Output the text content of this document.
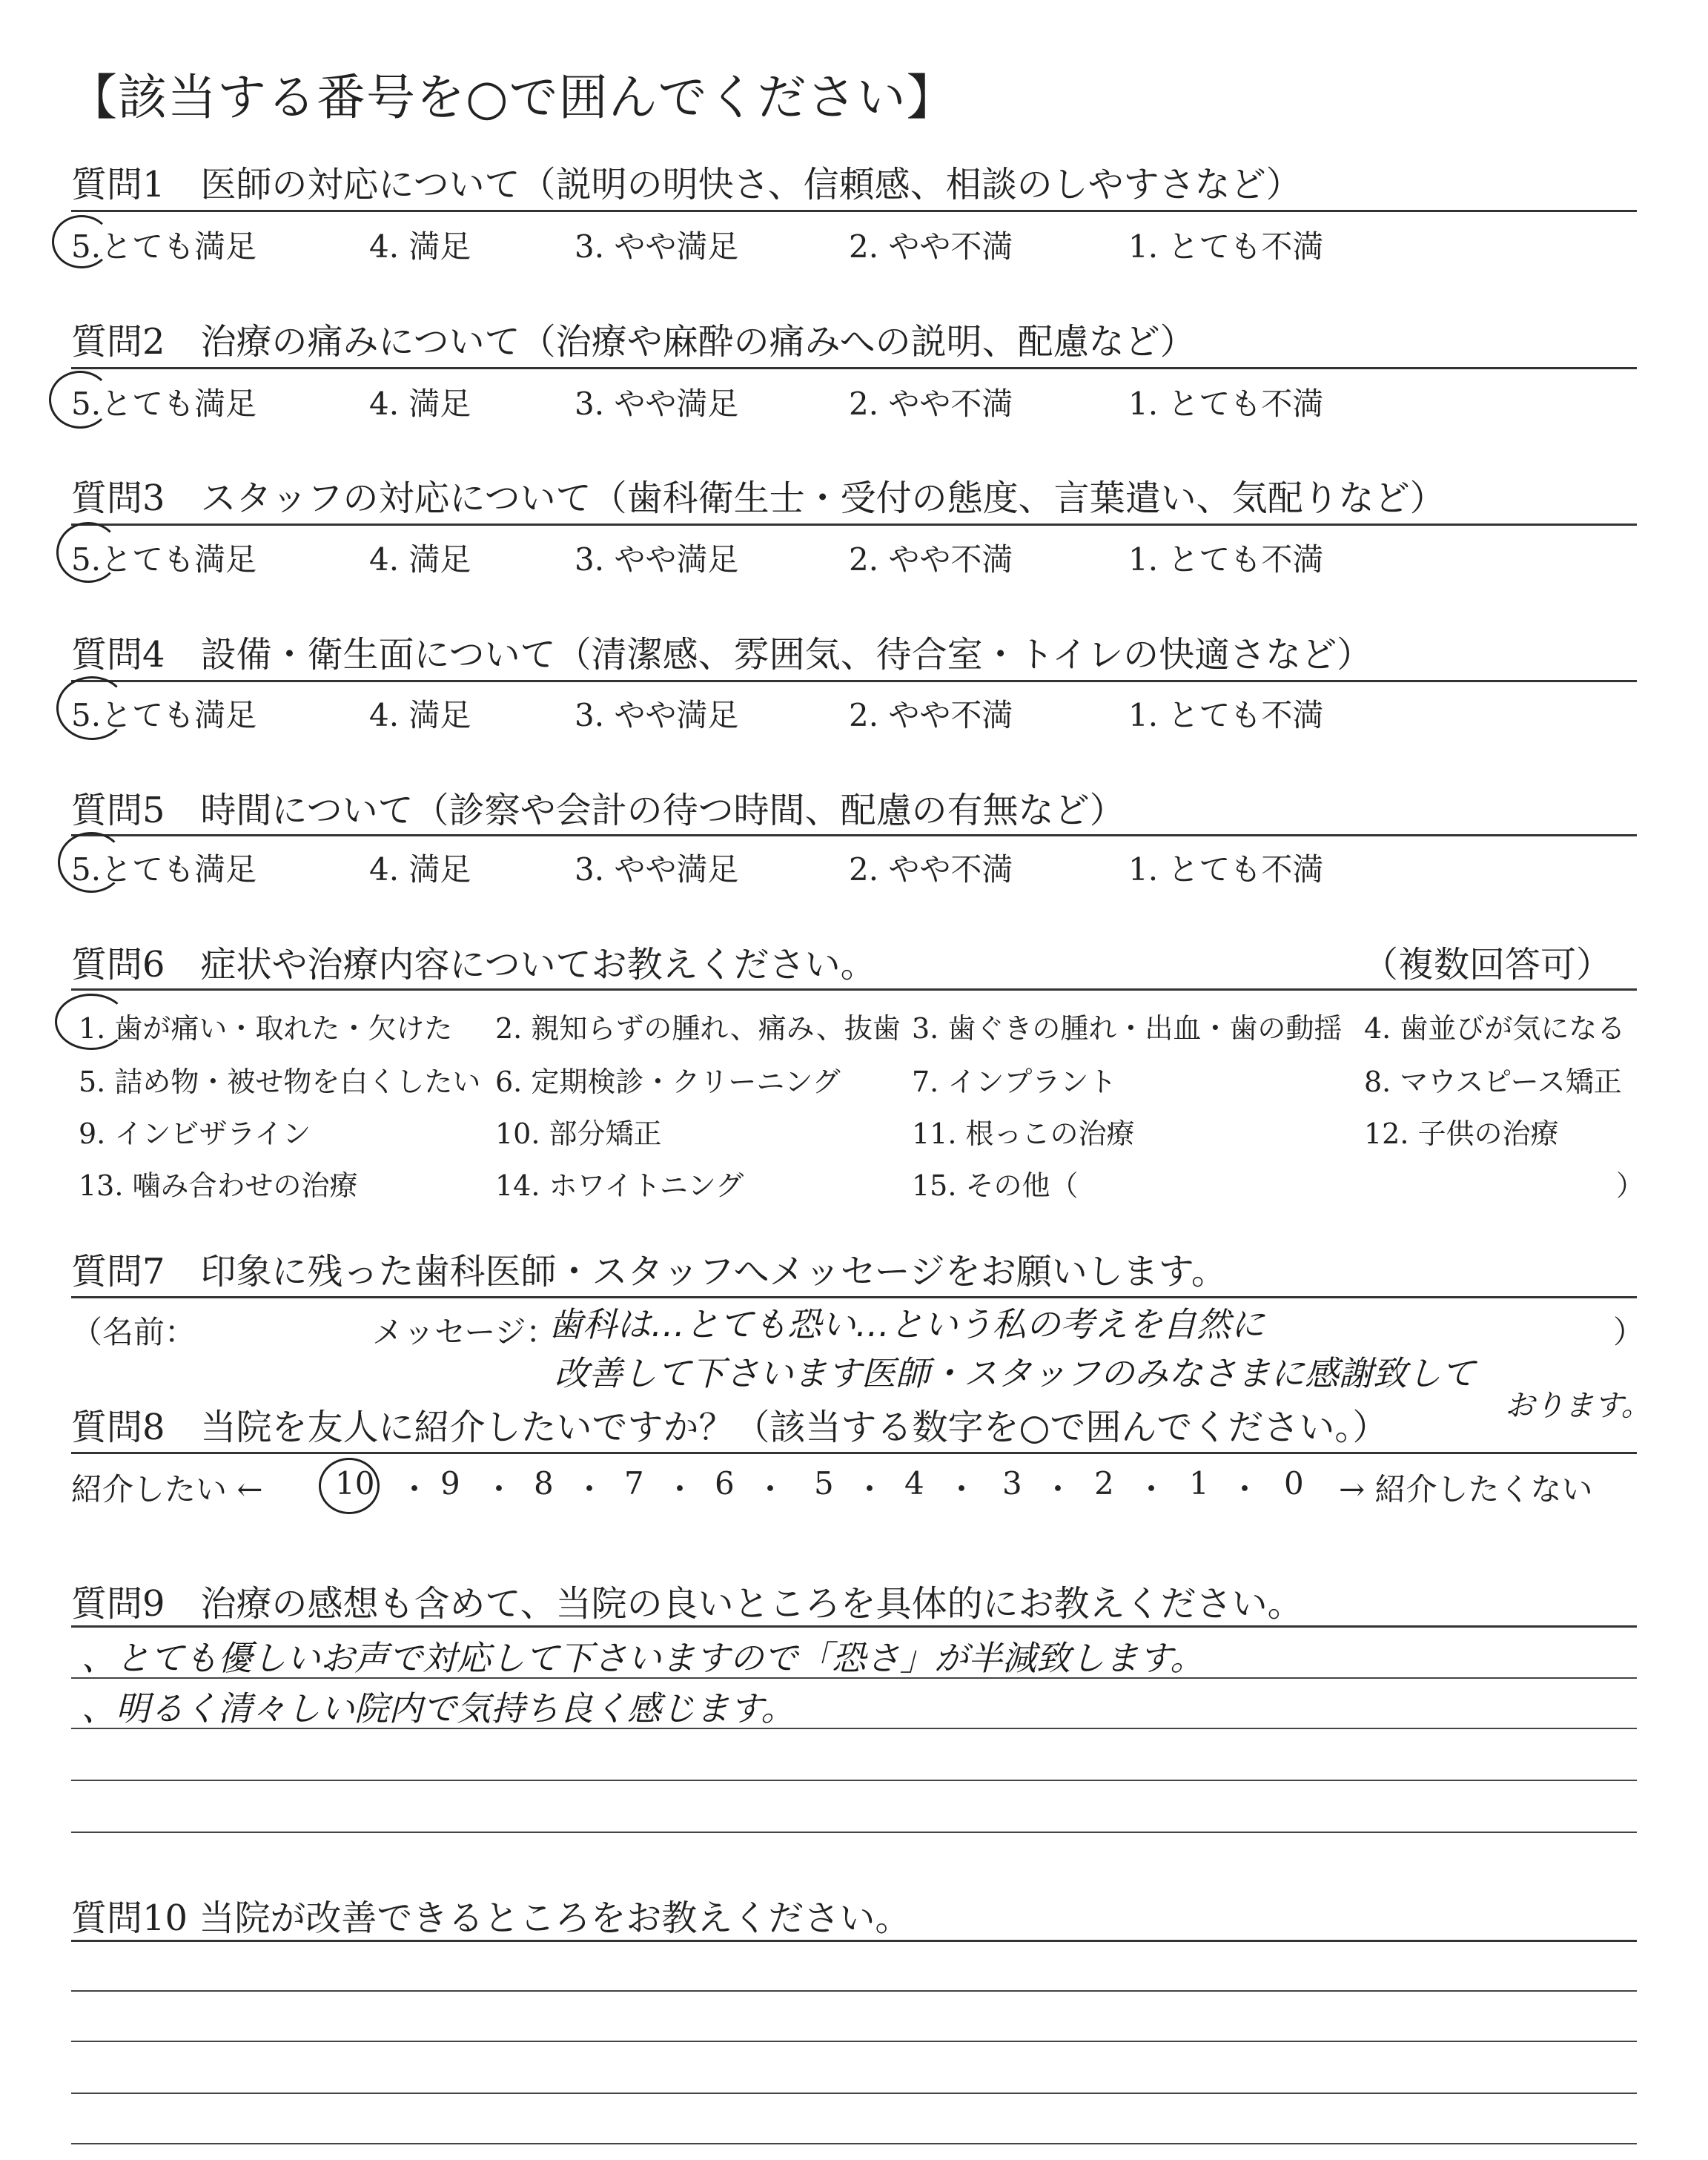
【該当する番号を○で囲んでください】
質問1　医師の対応について（説明の明快さ、信頼感、相談のしやすさなど）
5.とても満足	4. 満足	3. やや満足	2. やや不満	1. とても不満
質問2　治療の痛みについて（治療や麻酔の痛みへの説明、配慮など）
5.とても満足	4. 満足	3. やや満足	2. やや不満	1. とても不満
質問3　スタッフの対応について（歯科衛生士・受付の態度、言葉遣い、気配りなど）
5.とても満足	4. 満足	3. やや満足	2. やや不満	1. とても不満
質問4　設備・衛生面について（清潔感、雰囲気、待合室・トイレの快適さなど）
5.とても満足	4. 満足	3. やや満足	2. やや不満	1. とても不満
質問5　時間について（診察や会計の待つ時間、配慮の有無など）
5.とても満足	4. 満足	3. やや満足	2. やや不満	1. とても不満
質問6　症状や治療内容についてお教えください。	（複数回答可）
1. 歯が痛い・取れた・欠けた 2. 親知らずの腫れ、痛み、抜歯 3. 歯ぐきの腫れ・出血・歯の動揺 4. 歯並びが気になる
5. 詰め物・被せ物を白くしたい 6. 定期検診・クリーニング	7. インプラント	8. マウスピース矯正
9. インビザライン	10. 部分矯正	11. 根っこの治療	12. 子供の治療
13. 噛み合わせの治療	14. ホワイトニング	15. その他（	）
質問7　印象に残った歯科医師・スタッフへメッセージをお願いします。
（名前：	メッセージ：	）
歯科は…とても恐い…という私の考えを自然に
改善して下さいます医師・スタッフのみなさまに感謝致して
おります。
質問8　当院を友人に紹介したいですか？（該当する数字を○で囲んでください。）
紹介したい ← 10 ・ 9 ・ 8 ・ 7 ・ 6 ・ 5 ・ 4 ・ 3 ・ 2 ・ 1 ・ 0 → 紹介したくない
質問9　治療の感想も含めて、当院の良いところを具体的にお教えください。
、とても優しいお声で対応して下さいますので「恐さ」が半減致します。
、明るく清々しい院内で気持ち良く感じます。
質問10 当院が改善できるところをお教えください。
